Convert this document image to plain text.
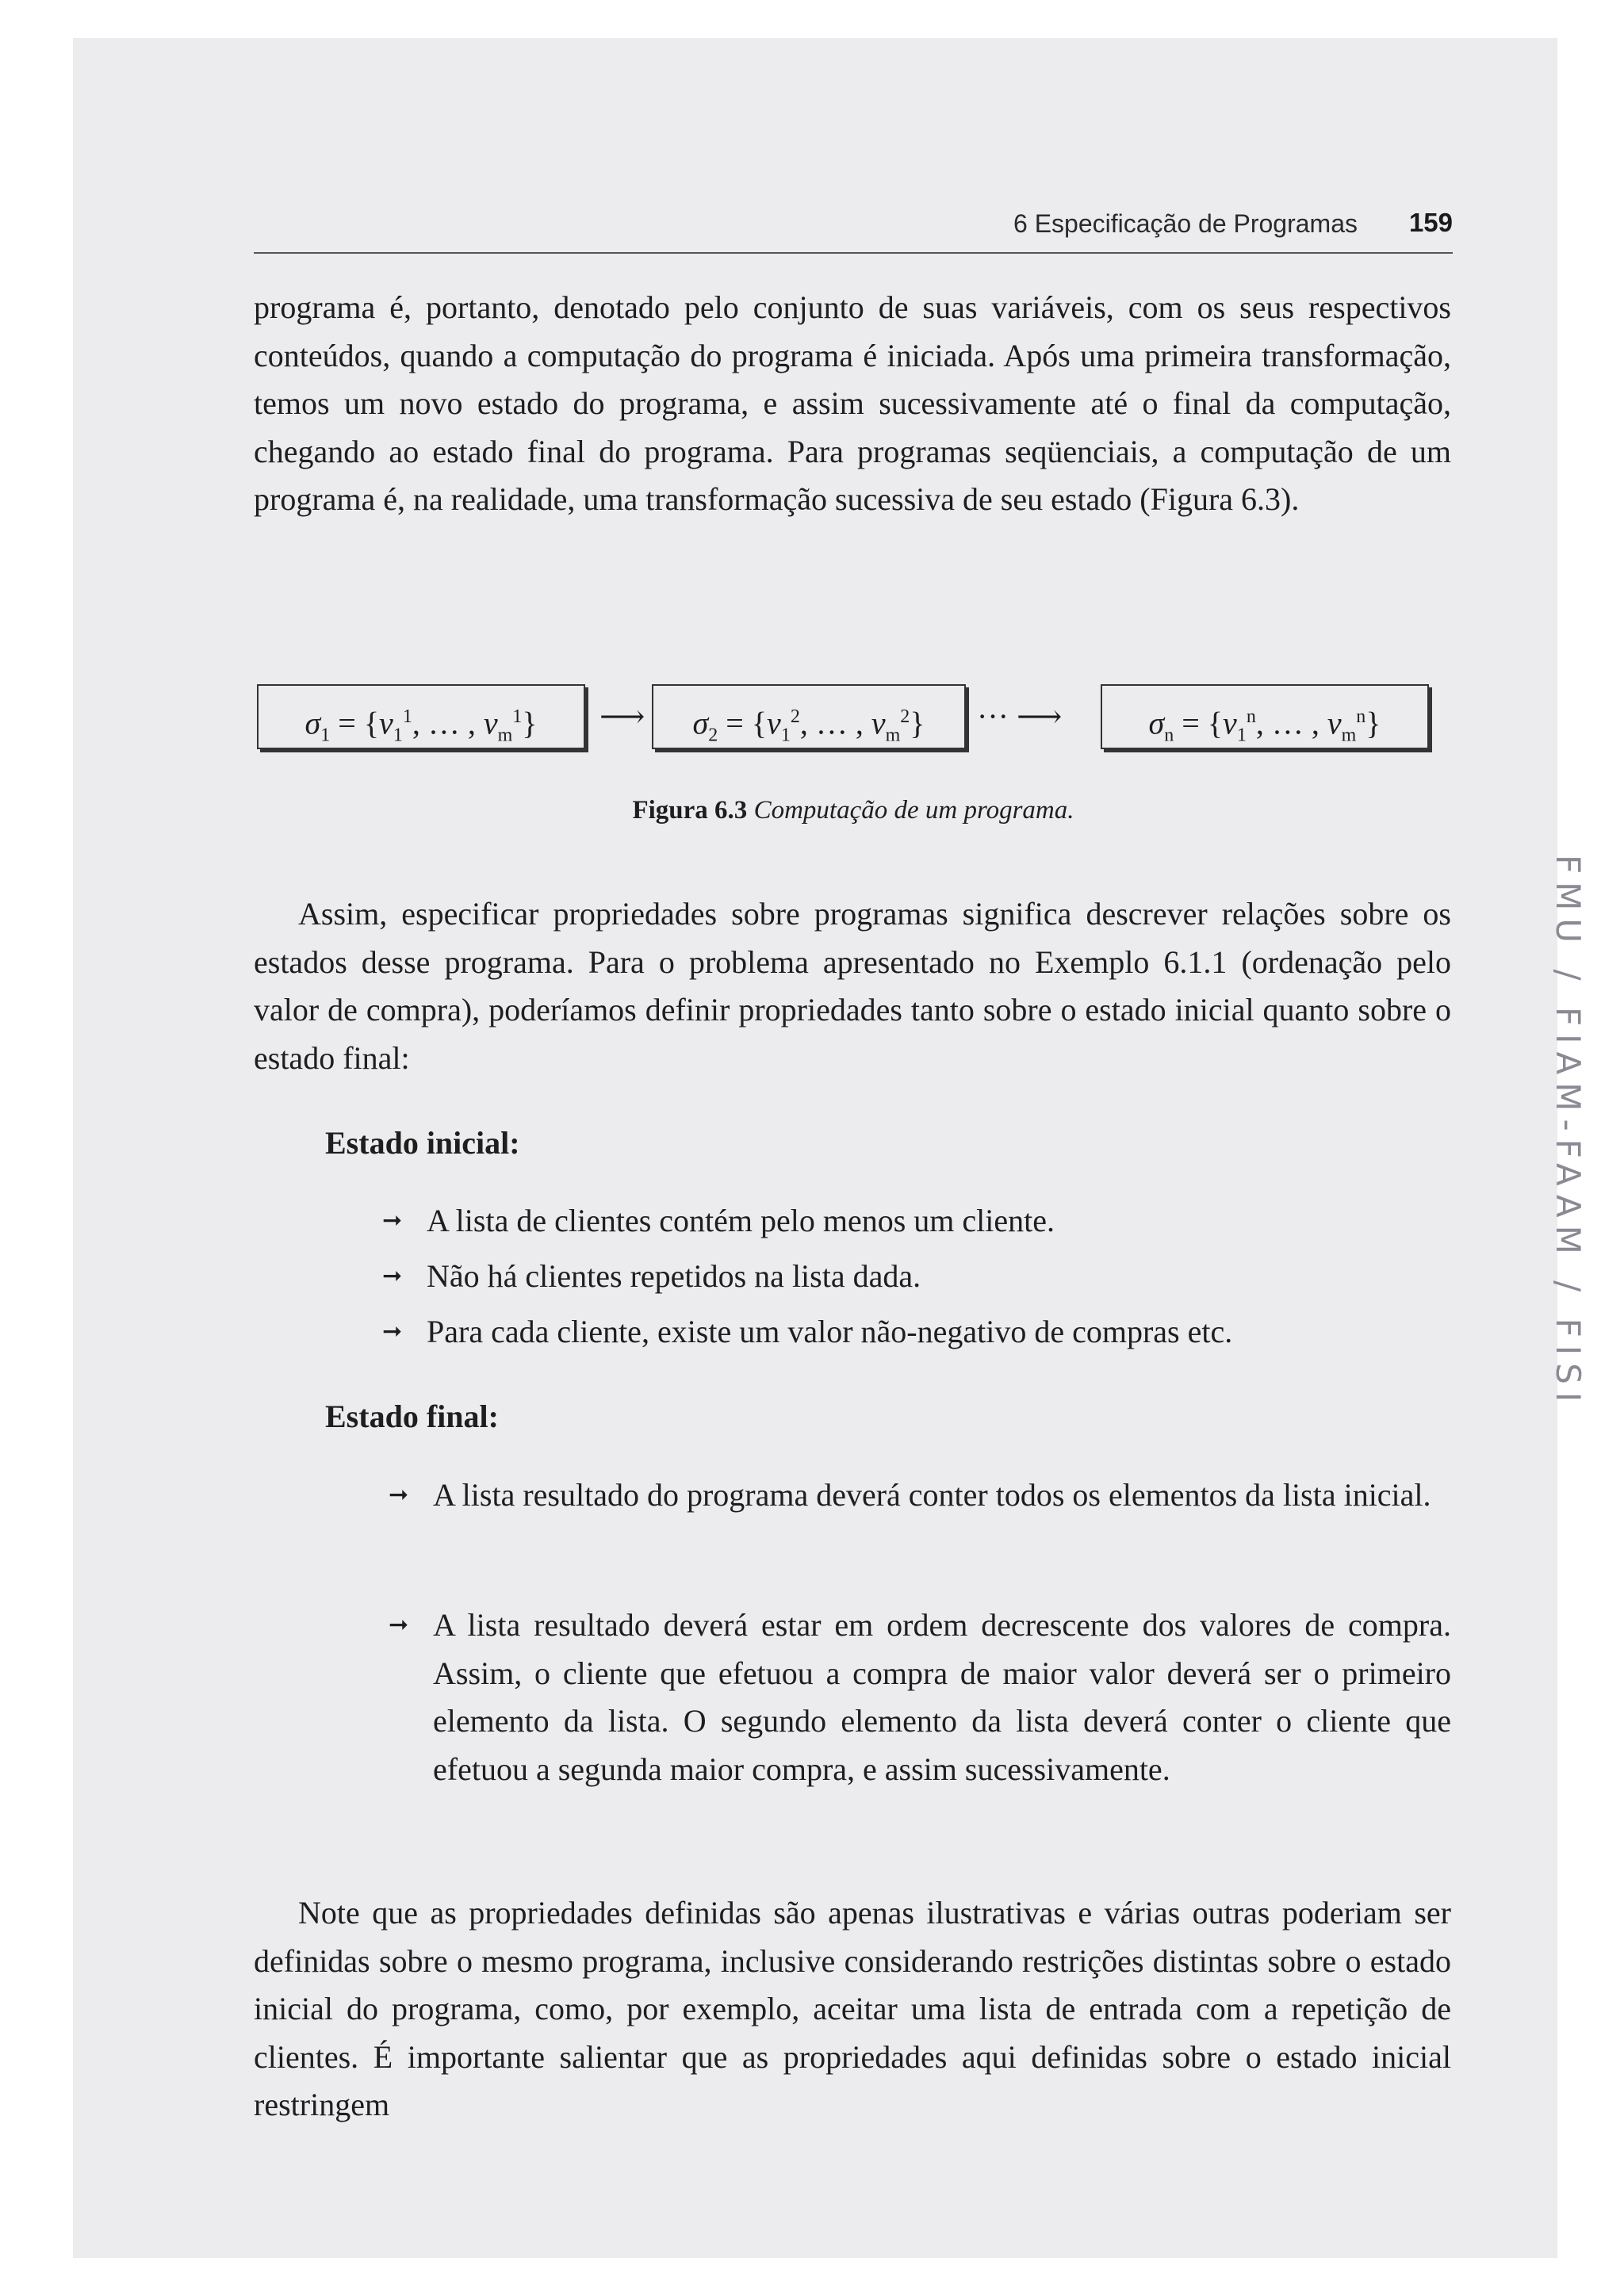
6 Especificação de Programas 159

programa é, portanto, denotado pelo conjunto de suas variáveis, com os seus respectivos conteúdos, quando a computação do programa é iniciada. Após uma primeira transformação, temos um novo estado do programa, e assim sucessivamente até o final da computação, chegando ao estado final do programa. Para programas seqüenciais, a computação de um programa é, na realidade, uma transformação sucessiva de seu estado (Figura 6.3).

$\sigma_1 = \{v_1^1$, … , $v_m^1$}	⟶	$\sigma_2 = \{v_1^2$, … , $v_m^2$}	··· ⟶	$\sigma_n = \{v_1^n$, … , $v_m^n$}
Figura 6.3 Computação de um programa.

Assim, especificar propriedades sobre programas significa descrever relações sobre os estados desse programa. Para o problema apresentado no Exemplo 6.1.1 (ordenação pelo valor de compra), poderíamos definir propriedades tanto sobre o estado inicial quanto sobre o estado final:

Estado inicial:
➞ A lista de clientes contém pelo menos um cliente.
➞ Não há clientes repetidos na lista dada.
➞ Para cada cliente, existe um valor não-negativo de compras etc.
Estado final:
➞ A lista resultado do programa deverá conter todos os elementos da lista inicial.

➞ A lista resultado deverá estar em ordem decrescente dos valores de compra. Assim, o cliente que efetuou a compra de maior valor deverá ser o primeiro elemento da lista. O segundo elemento da lista deverá conter o cliente que efetuou a segunda maior compra, e assim sucessivamente.

Note que as propriedades definidas são apenas ilustrativas e várias outras poderiam ser definidas sobre o mesmo programa, inclusive considerando restrições distintas sobre o estado inicial do programa, como, por exemplo, aceitar uma lista de entrada com a repetição de clientes. É importante salientar que as propriedades aqui definidas sobre o estado inicial restringem

FMU / FIAM-FAAM / FISI
